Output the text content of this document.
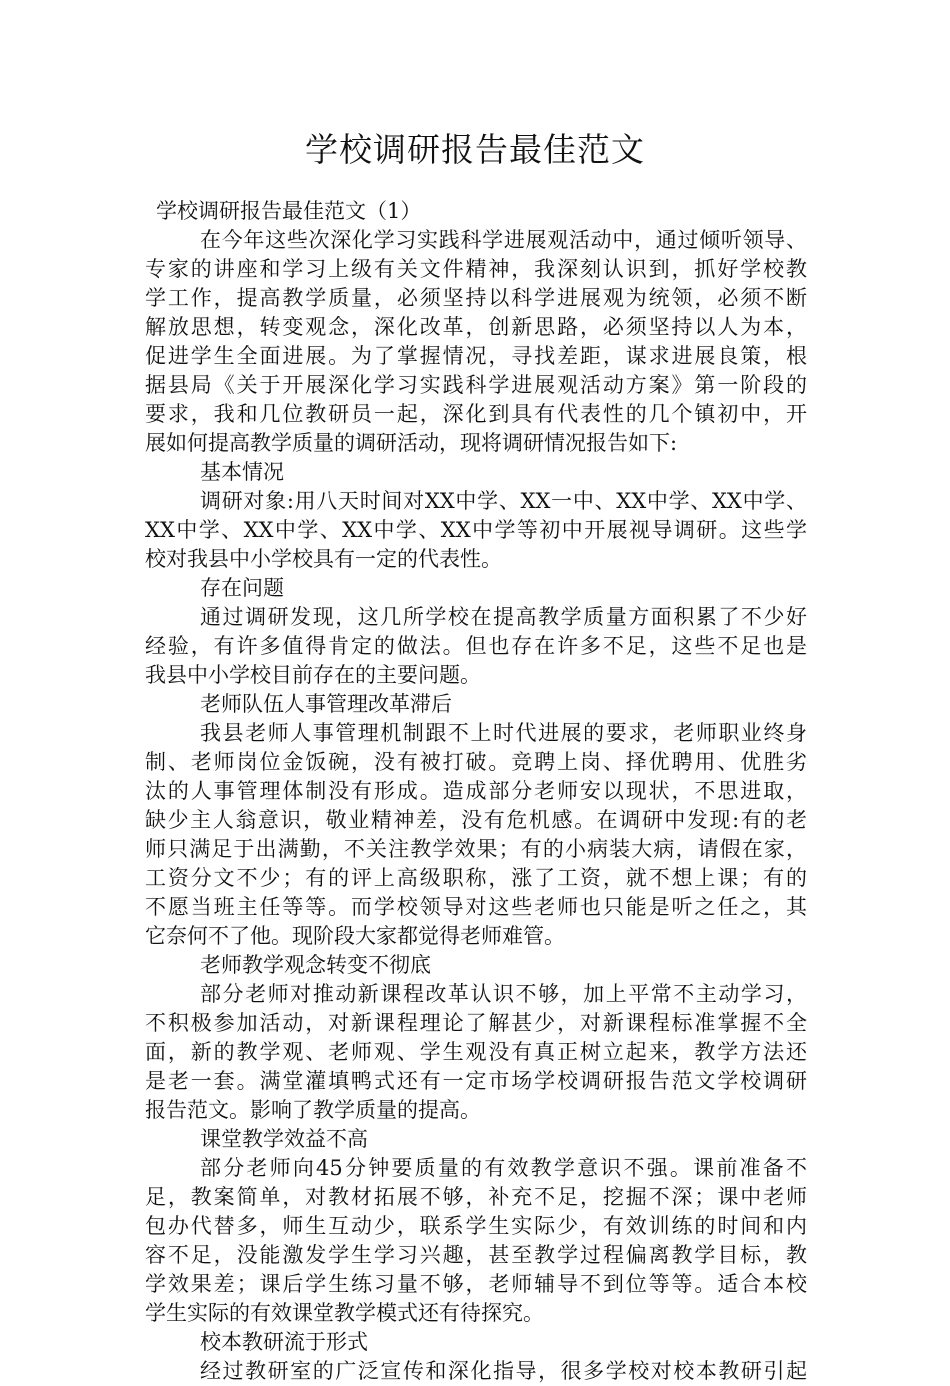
学校调研报告最佳范文
学校调研报告最佳范文（1）
在今年这些次深化学习实践科学进展观活动中，通过倾听领导、
专家的讲座和学习上级有关文件精神，我深刻认识到，抓好学校教
学工作，提高教学质量，必须坚持以科学进展观为统领，必须不断
解放思想，转变观念，深化改革，创新思路，必须坚持以人为本，
促进学生全面进展。为了掌握情况，寻找差距，谋求进展良策，根
据县局《关于开展深化学习实践科学进展观活动方案》第一阶段的
要求，我和几位教研员一起，深化到具有代表性的几个镇初中，开
展如何提高教学质量的调研活动，现将调研情况报告如下:
基本情况
调研对象:用八天时间对XX中学、XX一中、XX中学、XX中学、
XX中学、XX中学、XX中学、XX中学等初中开展视导调研。这些学
校对我县中小学校具有一定的代表性。
存在问题
通过调研发现，这几所学校在提高教学质量方面积累了不少好
经验，有许多值得肯定的做法。但也存在许多不足，这些不足也是
我县中小学校目前存在的主要问题。
老师队伍人事管理改革滞后
我县老师人事管理机制跟不上时代进展的要求，老师职业终身
制、老师岗位金饭碗，没有被打破。竞聘上岗、择优聘用、优胜劣
汰的人事管理体制没有形成。造成部分老师安以现状，不思进取，
缺少主人翁意识，敬业精神差，没有危机感。在调研中发现:有的老
师只满足于出满勤，不关注教学效果；有的小病装大病，请假在家，
工资分文不少；有的评上高级职称，涨了工资，就不想上课；有的
不愿当班主任等等。而学校领导对这些老师也只能是听之任之，其
它奈何不了他。现阶段大家都觉得老师难管。
老师教学观念转变不彻底
部分老师对推动新课程改革认识不够，加上平常不主动学习，
不积极参加活动，对新课程理论了解甚少，对新课程标准掌握不全
面，新的教学观、老师观、学生观没有真正树立起来，教学方法还
是老一套。满堂灌填鸭式还有一定市场学校调研报告范文学校调研
报告范文。影响了教学质量的提高。
课堂教学效益不高
部分老师向45分钟要质量的有效教学意识不强。课前准备不
足，教案简单，对教材拓展不够，补充不足，挖掘不深；课中老师
包办代替多，师生互动少，联系学生实际少，有效训练的时间和内
容不足，没能激发学生学习兴趣，甚至教学过程偏离教学目标，教
学效果差；课后学生练习量不够，老师辅导不到位等等。适合本校
学生实际的有效课堂教学模式还有待探究。
校本教研流于形式
经过教研室的广泛宣传和深化指导，很多学校对校本教研引起
